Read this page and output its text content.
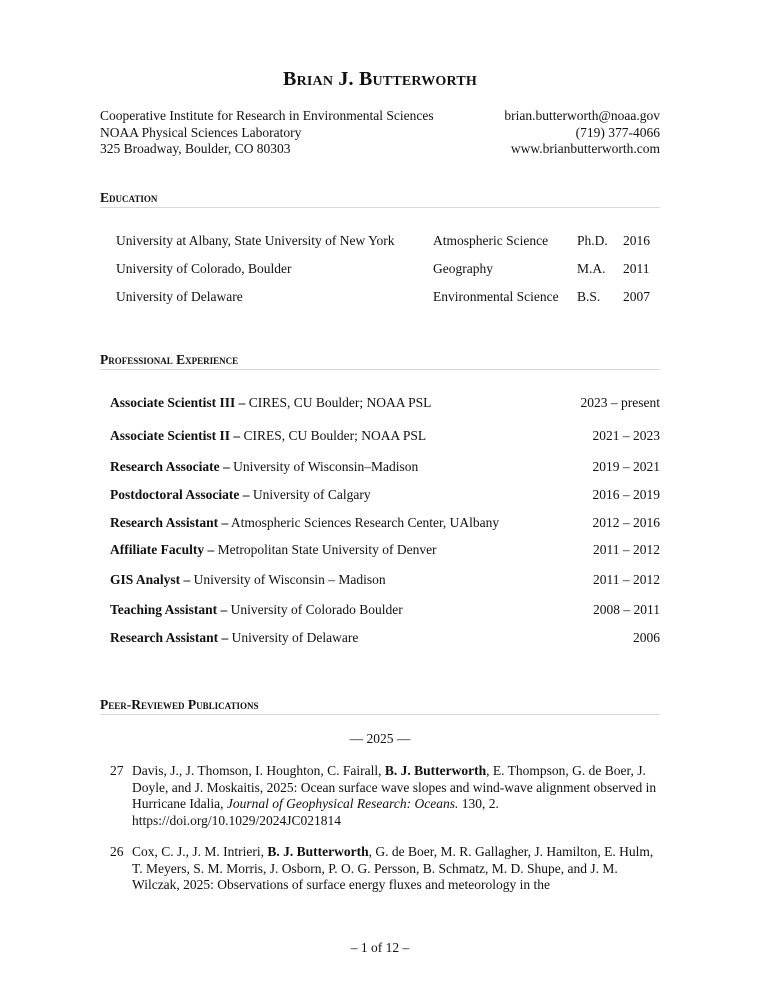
Brian J. Butterworth
Cooperative Institute for Research in Environmental Sciences
NOAA Physical Sciences Laboratory
325 Broadway, Boulder, CO 80303
brian.butterworth@noaa.gov
(719) 377-4066
www.brianbutterworth.com
Education
University at Albany, State University of New York	Atmospheric Science	Ph.D. 2016
University of Colorado, Boulder	Geography	M.A. 2011
University of Delaware	Environmental Science	B.S. 2007
Professional Experience
Associate Scientist III – CIRES, CU Boulder; NOAA PSL	2023 – present
Associate Scientist II – CIRES, CU Boulder; NOAA PSL	2021 – 2023
Research Associate – University of Wisconsin–Madison	2019 – 2021
Postdoctoral Associate – University of Calgary	2016 – 2019
Research Assistant – Atmospheric Sciences Research Center, UAlbany	2012 – 2016
Affiliate Faculty – Metropolitan State University of Denver	2011 – 2012
GIS Analyst – University of Wisconsin – Madison	2011 – 2012
Teaching Assistant – University of Colorado Boulder	2008 – 2011
Research Assistant – University of Delaware	2006
Peer-Reviewed Publications
— 2025 —
27 Davis, J., J. Thomson, I. Houghton, C. Fairall, B. J. Butterworth, E. Thompson, G. de Boer, J. Doyle, and J. Moskaitis, 2025: Ocean surface wave slopes and wind-wave alignment observed in Hurricane Idalia, Journal of Geophysical Research: Oceans. 130, 2. https://doi.org/10.1029/2024JC021814
26 Cox, C. J., J. M. Intrieri, B. J. Butterworth, G. de Boer, M. R. Gallagher, J. Hamilton, E. Hulm, T. Meyers, S. M. Morris, J. Osborn, P. O. G. Persson, B. Schmatz, M. D. Shupe, and J. M. Wilczak, 2025: Observations of surface energy fluxes and meteorology in the
– 1 of 12 –
